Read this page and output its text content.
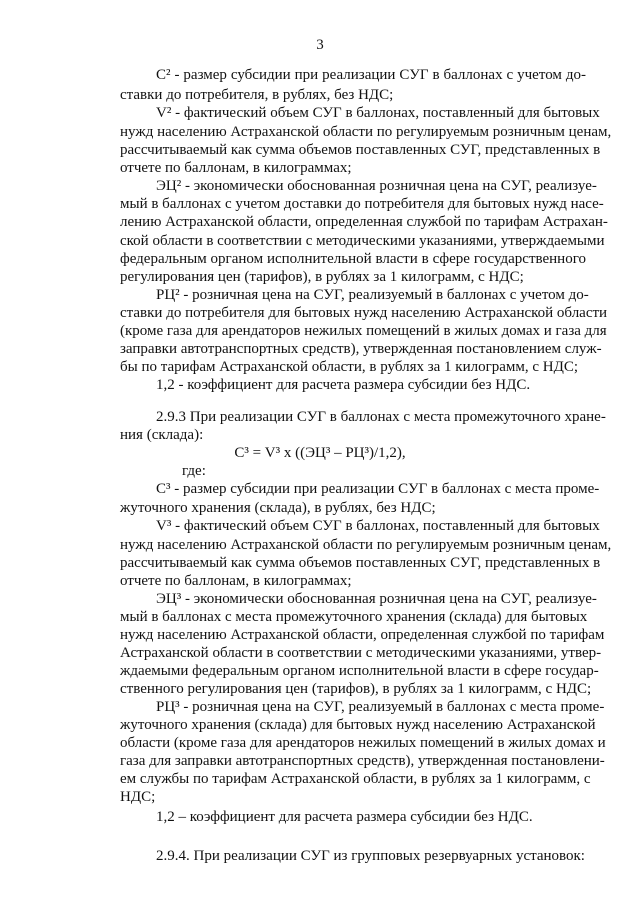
3
С² - размер субсидии при реализации СУГ в баллонах с учетом до-
ставки до потребителя, в рублях, без НДС;
V² - фактический объем СУГ в баллонах, поставленный для бытовых
нужд населению Астраханской области по регулируемым розничным ценам,
рассчитываемый как сумма объемов поставленных СУГ, представленных в
отчете по баллонам, в килограммах;
ЭЦ² - экономически обоснованная розничная цена на СУГ, реализуе-
мый в баллонах с учетом доставки до потребителя для бытовых нужд насе-
лению Астраханской области, определенная службой по тарифам Астрахан-
ской области в соответствии с методическими указаниями, утверждаемыми
федеральным органом исполнительной власти в сфере государственного
регулирования цен (тарифов), в рублях за 1 килограмм, с НДС;
РЦ² - розничная цена на СУГ, реализуемый в баллонах с учетом до-
ставки до потребителя для бытовых нужд населению Астраханской области
(кроме газа для арендаторов нежилых помещений в жилых домах и газа для
заправки автотранспортных средств), утвержденная постановлением служ-
бы по тарифам Астраханской области, в рублях за 1 килограмм, с НДС;
1,2 - коэффициент для расчета размера субсидии без НДС.
2.9.3 При реализации СУГ в баллонах с места промежуточного хране-
ния (склада):
С³ = V³ х ((ЭЦ³ – РЦ³)/1,2),
где:
С³ - размер субсидии при реализации СУГ в баллонах с места проме-
жуточного хранения (склада), в рублях, без НДС;
V³ - фактический объем СУГ в баллонах, поставленный для бытовых
нужд населению Астраханской области по регулируемым розничным ценам,
рассчитываемый как сумма объемов поставленных СУГ, представленных в
отчете по баллонам, в килограммах;
ЭЦ³ - экономически обоснованная розничная цена на СУГ, реализуе-
мый в баллонах с места промежуточного хранения (склада) для бытовых
нужд населению Астраханской области, определенная службой по тарифам
Астраханской области в соответствии с методическими указаниями, утвер-
ждаемыми федеральным органом исполнительной власти в сфере государ-
ственного регулирования цен (тарифов), в рублях за 1 килограмм, с НДС;
РЦ³ - розничная цена на СУГ, реализуемый в баллонах с места проме-
жуточного хранения (склада) для бытовых нужд населению Астраханской
области (кроме газа для арендаторов нежилых помещений в жилых домах и
газа для заправки автотранспортных средств), утвержденная постановлени-
ем службы по тарифам Астраханской области, в рублях за 1 килограмм, с
НДС;
1,2 – коэффициент для расчета размера субсидии без НДС.
2.9.4. При реализации СУГ из групповых резервуарных установок:
